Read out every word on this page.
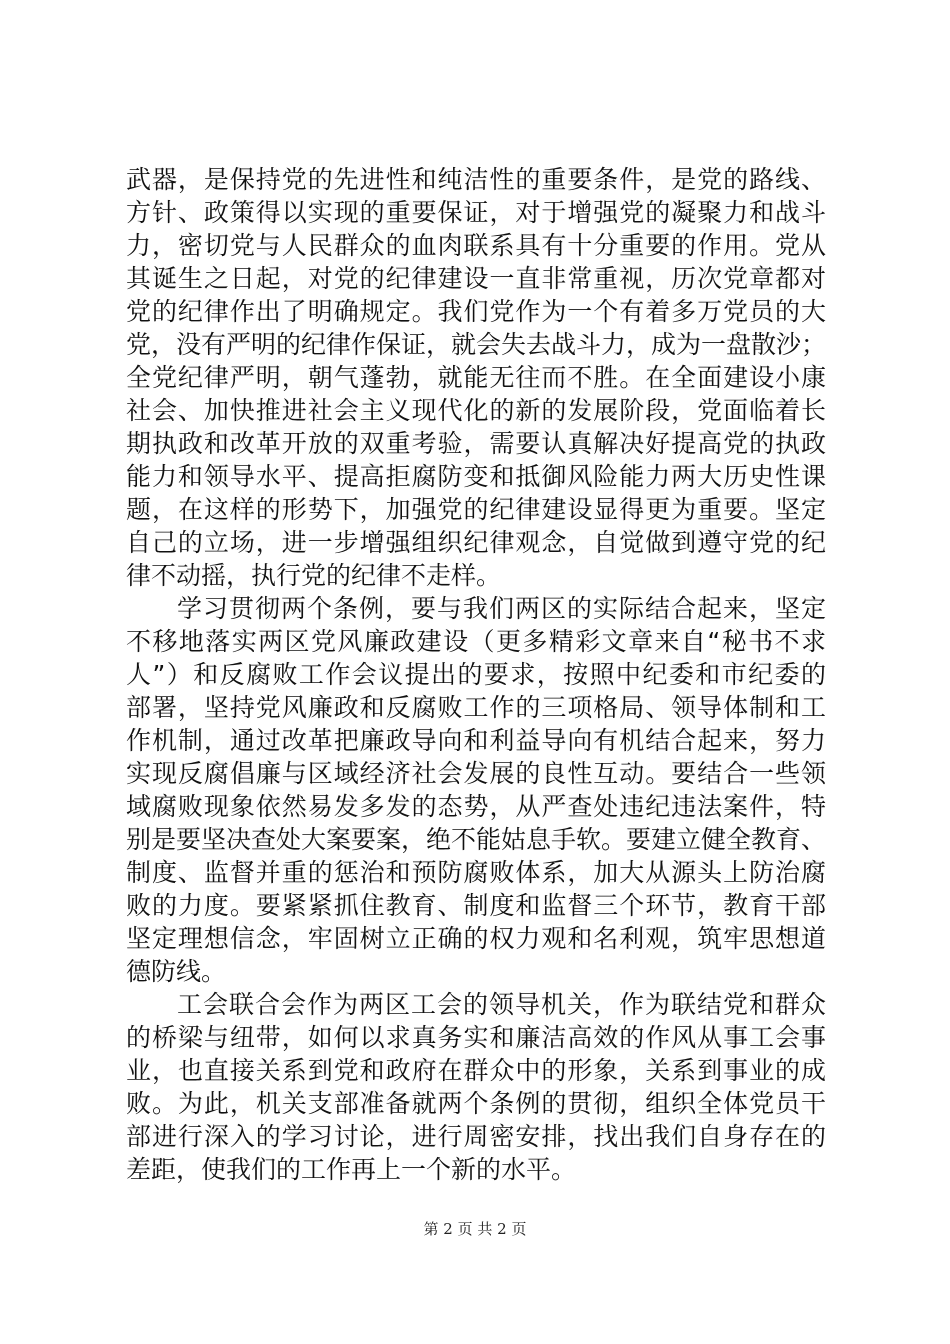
武器，是保持党的先进性和纯洁性的重要条件，是党的路线、
方针、政策得以实现的重要保证，对于增强党的凝聚力和战斗
力，密切党与人民群众的血肉联系具有十分重要的作用。党从
其诞生之日起，对党的纪律建设一直非常重视，历次党章都对
党的纪律作出了明确规定。我们党作为一个有着多万党员的大
党，没有严明的纪律作保证，就会失去战斗力，成为一盘散沙；
全党纪律严明，朝气蓬勃，就能无往而不胜。在全面建设小康
社会、加快推进社会主义现代化的新的发展阶段，党面临着长
期执政和改革开放的双重考验，需要认真解决好提高党的执政
能力和领导水平、提高拒腐防变和抵御风险能力两大历史性课
题，在这样的形势下，加强党的纪律建设显得更为重要。坚定
自己的立场，进一步增强组织纪律观念，自觉做到遵守党的纪
律不动摇，执行党的纪律不走样。
学习贯彻两个条例，要与我们两区的实际结合起来，坚定
不移地落实两区党风廉政建设（更多精彩文章来自“秘书不求
人”）和反腐败工作会议提出的要求，按照中纪委和市纪委的
部署，坚持党风廉政和反腐败工作的三项格局、领导体制和工
作机制，通过改革把廉政导向和利益导向有机结合起来，努力
实现反腐倡廉与区域经济社会发展的良性互动。要结合一些领
域腐败现象依然易发多发的态势，从严查处违纪违法案件，特
别是要坚决查处大案要案，绝不能姑息手软。要建立健全教育、
制度、监督并重的惩治和预防腐败体系，加大从源头上防治腐
败的力度。要紧紧抓住教育、制度和监督三个环节，教育干部
坚定理想信念，牢固树立正确的权力观和名利观，筑牢思想道
德防线。
工会联合会作为两区工会的领导机关，作为联结党和群众
的桥梁与纽带，如何以求真务实和廉洁高效的作风从事工会事
业，也直接关系到党和政府在群众中的形象，关系到事业的成
败。为此，机关支部准备就两个条例的贯彻，组织全体党员干
部进行深入的学习讨论，进行周密安排，找出我们自身存在的
差距，使我们的工作再上一个新的水平。
第 2 页 共 2 页
